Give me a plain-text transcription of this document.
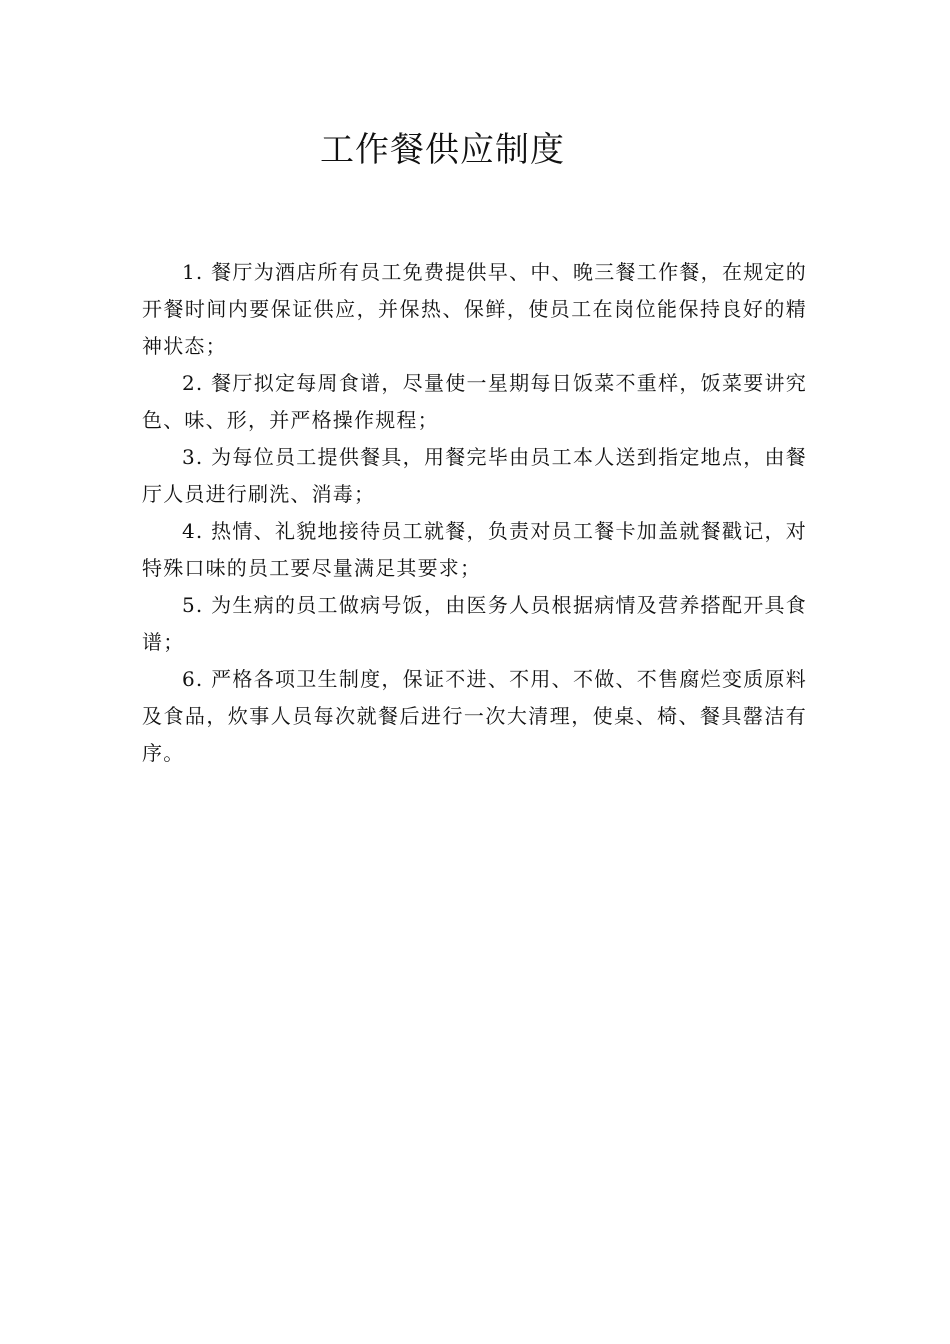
工作餐供应制度

1. 餐厅为酒店所有员工免费提供早、中、晚三餐工作餐，在规定的开餐时间内要保证供应，并保热、保鲜，使员工在岗位能保持良好的精神状态；

2. 餐厅拟定每周食谱，尽量使一星期每日饭菜不重样，饭菜要讲究色、味、形，并严格操作规程；

3. 为每位员工提供餐具，用餐完毕由员工本人送到指定地点，由餐厅人员进行刷洗、消毒；

4. 热情、礼貌地接待员工就餐，负责对员工餐卡加盖就餐戳记，对特殊口味的员工要尽量满足其要求；

5. 为生病的员工做病号饭，由医务人员根据病情及营养搭配开具食谱；

6. 严格各项卫生制度，保证不进、不用、不做、不售腐烂变质原料及食品，炊事人员每次就餐后进行一次大清理，使桌、椅、餐具罄洁有序。
